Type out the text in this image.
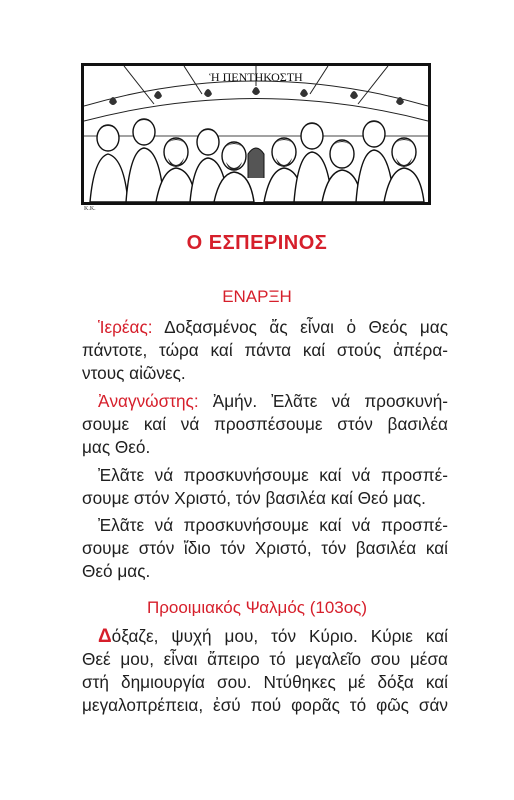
Ἡ ΠΕΝΤΗΚΟΣΤΗ
Κ.Κ.
Ο ΕΣΠΕΡΙΝΟΣ
ΕΝΑΡΞΗ
Ἱερέας: Δοξασμένος ἄς εἶναι ὁ Θεός μας
πάντοτε, τώρα καί πάντα καί στούς ἀπέρα-
ντους αἰῶνες.
Ἀναγνώστης: Ἀμήν. Ἐλᾶτε νά προσκυνή-
σουμε καί νά προσπέσουμε στόν βασιλέα
μας Θεό.
Ἐλᾶτε νά προσκυνήσουμε καί νά προσπέ-
σουμε στόν Χριστό, τόν βασιλέα καί Θεό μας.
Ἐλᾶτε νά προσκυνήσουμε καί νά προσπέ-
σουμε στόν ἴδιο τόν Χριστό, τόν βασιλέα καί
Θεό μας.
Προοιμιακός Ψαλμός (103ος)
Δόξαζε, ψυχή μου, τόν Κύριο. Κύριε καί
Θεέ μου, εἶναι ἄπειρο τό μεγαλεῖο σου μέσα
στή δημιουργία σου. Ντύθηκες μέ δόξα καί
μεγαλοπρέπεια, ἐσύ πού φορᾶς τό φῶς σάν
